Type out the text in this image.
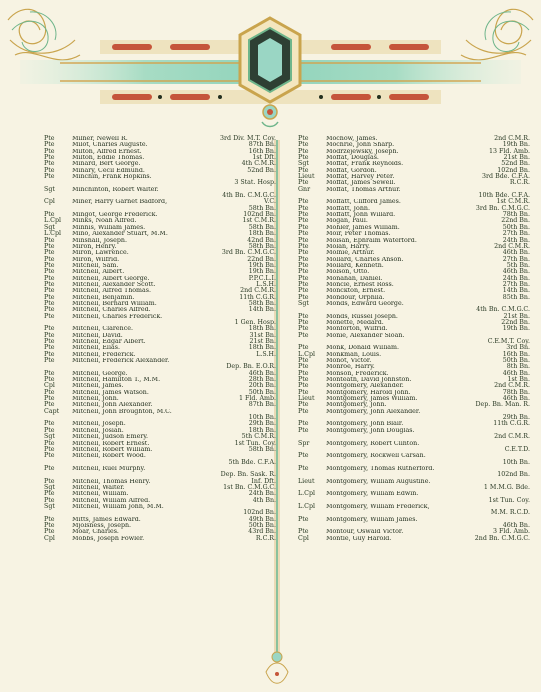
Pte	Milner, Newell R.	3rd Div. M.T. Coy.
Pte	Milot, Charles Auguste.	87th Bn.
Pte	Milton, Alfred Ernest.	16th Bn.
Pte	Milton, Eddie Thomas.	1st Dft.
Pte	Minard, Bert George.	4th C.M.R.
Pte	Minary, Cecil Edmund.	52nd Bn.
Pte	Minchin, Frank Hopkins.
3 Stat. Hosp.
Sgt	Minchinton, Robert Walter.
4th Bn. C.M.G.C.
Cpl	Miner, Harry Garnet Badford,	V.C.
58th Bn.
Pte	Mingot, George Frederick.	102nd Bn.
L.Cpl	Minks, Noah Alfred.	1st C.M.R.
Sgt	Minnis, William James.	58th Bn.
L.Cpl	Mino, Alexander Stuart, M.M.	18th Bn.
Pte	Minshall, Joseph.	42nd Bn.
Pte	Miron, Henry.	58th Bn.
Pte	Miron, Lawrence.	3rd Bn. C.M.G.C.
Pte	Miron, Wilfrid.	22nd Bn.
Pte	Mitchell, Sam.	19th Bn.
Pte	Mitchell, Albert.	19th Bn.
Pte	Mitchell, Albert George.	P.P.C.L.I.
Pte	Mitchell, Alexander Scott.	L.S.H.
Pte	Mitchell, Alfred Thomas.	2nd C.M.R.
Pte	Mitchell, Benjamin.	11th C.G.R.
Pte	Mitchell, Bernard William.	58th Bn.
Pte	Mitchell, Charles Alfred.	14th Bn.
Pte	Mitchell, Charles Frederick.
1 Gen. Hosp.
Pte	Mitchell, Clarence.	18th Bn.
Pte	Mitchell, David.	31st Bn.
Pte	Mitchell, Edgar Albert.	21st Bn.
Pte	Mitchell, Elias.	18th Bn.
Pte	Mitchell, Frederick.	L.S.H.
Pte	Mitchell, Frederick Alexander.
Dep. Bn. E.O.R.
Pte	Mitchell, George.	46th Bn.
Pte	Mitchell, Hamilton T., M.M.	28th Bn.
Cpl	Mitchell, James.	20th Bn.
Pte	Mitchell, James Watson.	50th Bn.
Pte	Mitchell, John.	1 Fld. Amb.
Pte	Mitchell, John Alexander.	87th Bn.
Capt	Mitchell, John Broughton, M.C.
10th Bn.
Pte	Mitchell, Joseph.	29th Bn.
Pte	Mitchell, Josiah.	18th Bn.
Sgt	Mitchell, Judson Emery.	5th C.M.R.
Pte	Mitchell, Robert Ernest.	1st Tun. Coy.
Pte	Mitchell, Robert William.	58th Bn.
Pte	Mitchell, Robert Wood.
5th Bde. C.F.A.
Pte	Mitchell, Ruel Murphy.
Dep. Bn. Sask. R.
Pte	Mitchell, Thomas Henry.	Inf. Dft.
Sgt	Mitchell, Walter.	1st Bn. C.M.G.C.
Pte	Mitchell, William.	24th Bn.
Pte	Mitchell, William Alfred.	4th Bn.
Sgt	Mitchell, William John, M.M.
102nd Bn.
Pte	Mitts, James Edward.	49th Bn.
Pte	Mjolsness, Joseph.	50th Bn.
Pte	Moar, Charles.	43rd Bn.
Cpl	Mobbs, Joseph Fowler.	R.C.R.
Pte	Mochow, James.	2nd C.M.R.
Pte	Mochrie, John Sharp.	19th Bn.
Pte	Modrzejewsky, Joseph.	13 Fld. Amb.
Pte	Moffat, Douglas.	21st Bn.
Sgt	Moffat, Frank Reynolds.	52nd Bn.
Pte	Moffat, Gordon.	102nd Bn.
Lieut	Moffat, Harvey Peter.	3rd Bde. C.F.A.
Pte	Moffat, James Sewell.	R.C.R.
Gnr	Moffat, Thomas Arthur.
10th Bde. C.F.A.
Pte	Moffatt, Clifford James.	1st C.M.R.
Pte	Moffatt, John.	3rd Bn. C.M.G.C.
Pte	Moffatt, John Willard.	78th Bn.
Pte	Mogan, Paul.	22nd Bn.
Pte	Mohler, James William.	50th Bn.
Pte	Moir, Peter Thomas.	27th Bn.
Pte	Moisan, Ephraim Waterford.	24th Bn.
Pte	Molan, Harry.	2nd C.M.R.
Pte	Molnie, Arthur.	46th Bn.
Pte	Mollard, Charles Anson.	27th Bn.
Pte	Mollard, Kenneth.	5th Bn.
Pte	Molson, Otto.	46th Bn.
Pte	Monahan, Daniel.	24th Bn.
Pte	Moncle, Ernest Ross.	27th Bn.
Pte	Monckton, Ernest.	14th Bn.
Pte	Mondour, Orphila.	85th Bn.
Sgt	Monds, Edward George.
4th Bn. C.M.G.C.
Pte	Monds, Russel Joseph.	21st Bn.
Pte	Monette, Médard.	22nd Bn.
Pte	Monforton, Wilfrid.	19th Bn.
Pte	Monie, Alexander Sloan.
C.E.M.T. Coy.
Pte	Monk, Donald William.	3rd Bn.
L.Cpl	Monkman, Louis.	16th Bn.
Pte	Monot, Victor.	50th Bn.
Pte	Monroe, Harry.	8th Bn.
Pte	Monson, Frederick.	46th Bn.
Pte	Monteath, David Johnston.	1st Bn.
Pte	Montgomery, Alexander.	2nd C.M.R.
Pte	Montgomery, Harold John.	78th Bn.
Lieut	Montgomery, James William.	46th Bn.
Pte	Montgomery, John.	Dep. Bn. Man. R.
Pte	Montgomery, John Alexander.
29th Bn.
Pte	Montgomery, John Blair.	11th C.G.R.
Pte	Montgomery, John Douglas.
2nd C.M.R.
Spr	Montgomery, Robert Clinton.
C.E.T.D.
Pte	Montgomery, Rockwell Carsan.
10th Bn.
Pte	Montgomery, Thomas Rutherford.
102nd Bn.
Lieut	Montgomery, William Augustine.
1 M.M.G. Bde.
L.Cpl	Montgomery, William Edwin.
1st Tun. Coy.
L.Cpl	Montgomery, William Frederick,
M.M. R.C.D.
Pte	Montgomery, William James.
46th Bn.
Pte	Montour, Oswald Victor.	3 Fld. Amb.
Cpl	Montle, Guy Harold.	2nd Bn. C.M.G.C.
